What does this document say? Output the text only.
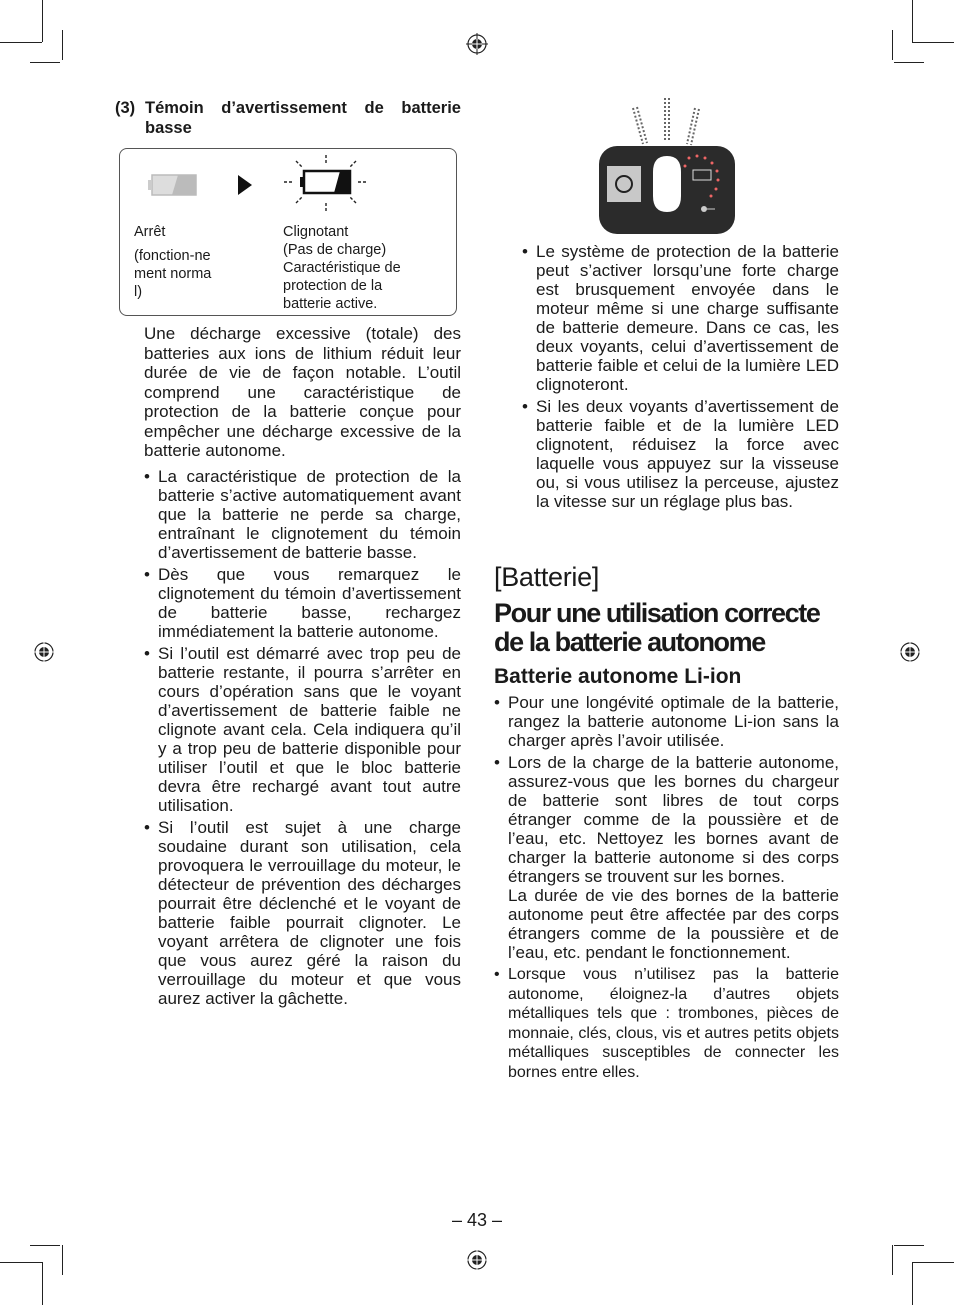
(3) Témoin d’avertissement de batterie basse
Arrêt
(fonction-nement normal)
Clignotant
(Pas de charge) Caractéristique de protection de la batterie active.

Une décharge excessive (totale) des batteries aux ions de lithium réduit leur durée de vie de façon notable. L’outil comprend une caractéristique de protection de la batterie conçue pour empêcher une décharge excessive de la batterie autonome.

• La caractéristique de protection de la batterie s’active automatiquement avant que la batterie ne perde sa charge, entraînant le clignotement du témoin d’avertissement de batterie basse.
• Dès que vous remarquez le clignotement du témoin d’avertissement de batterie basse, rechargez immédiatement la batterie autonome.
• Si l’outil est démarré avec trop peu de batterie restante, il pourra s’arrêter en cours d’opération sans que le voyant d’avertissement de batterie faible ne clignote avant cela. Cela indiquera qu’il y a trop peu de batterie disponible pour utiliser l’outil et que le bloc batterie devra être rechargé avant tout autre utilisation.
• Si l’outil est sujet à une charge soudaine durant son utilisation, cela provoquera le verrouillage du moteur, le détecteur de prévention des décharges pourrait être déclenché et le voyant de batterie faible pourrait clignoter. Le voyant arrêtera de clignoter une fois que vous aurez géré la raison du verrouillage du moteur et que vous aurez activer la gâchette.
• Le système de protection de la batterie peut s’activer lorsqu’une forte charge est brusquement envoyée dans le moteur même si une charge suffisante de batterie demeure. Dans ce cas, les deux voyants, celui d’avertissement de batterie faible et celui de la lumière LED clignoteront.
• Si les deux voyants d’avertissement de batterie faible et de la lumière LED clignotent, réduisez la force avec laquelle vous appuyez sur la visseuse ou, si vous utilisez la perceuse, ajustez la vitesse sur un réglage plus bas.
[Batterie]
Pour une utilisation correcte
de la batterie autonome
Batterie autonome Li-ion
• Pour une longévité optimale de la batterie, rangez la batterie autonome Li-ion sans la charger après l’avoir utilisée.
• Lors de la charge de la batterie autonome, assurez-vous que les bornes du chargeur de batterie sont libres de tout corps étranger comme de la poussière et de l’eau, etc. Nettoyez les bornes avant de charger la batterie autonome si des corps étrangers se trouvent sur les bornes.
La durée de vie des bornes de la batterie autonome peut être affectée par des corps étrangers comme de la poussière et de l’eau, etc. pendant le fonctionnement.
• Lorsque vous n’utilisez pas la batterie autonome, éloignez-la d’autres objets métalliques tels que : trombones, pièces de monnaie, clés, clous, vis et autres petits objets métalliques susceptibles de connecter les bornes entre elles.
– 43 –
